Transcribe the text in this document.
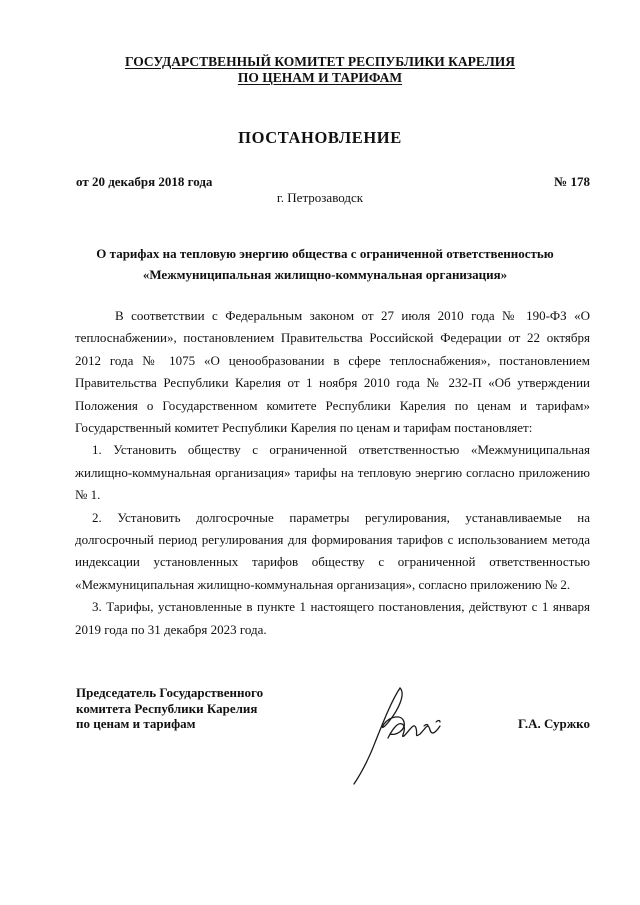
ГОСУДАРСТВЕННЫЙ КОМИТЕТ РЕСПУБЛИКИ КАРЕЛИЯ
ПО ЦЕНАМ И ТАРИФАМ
ПОСТАНОВЛЕНИЕ
от 20 декабря 2018 года	№ 178
г. Петрозаводск
О тарифах на тепловую энергию общества с ограниченной ответственностью
«Межмуниципальная жилищно-коммунальная организация»

В соответствии с Федеральным законом от 27 июля 2010 года № 190-ФЗ «О теплоснабжении», постановлением Правительства Российской Федерации от 22 октября 2012 года № 1075 «О ценообразовании в сфере теплоснабжения», постановлением Правительства Республики Карелия от 1 ноября 2010 года № 232-П «Об утверждении Положения о Государственном комитете Республики Карелия по ценам и тарифам» Государственный комитет Республики Карелия по ценам и тарифам постановляет:

1. Установить обществу с ограниченной ответственностью «Межмуниципальная жилищно-коммунальная организация» тарифы на тепловую энергию согласно приложению № 1.

2. Установить долгосрочные параметры регулирования, устанавливаемые на долгосрочный период регулирования для формирования тарифов с использованием метода индексации установленных тарифов обществу с ограниченной ответственностью «Межмуниципальная жилищно-коммунальная организация», согласно приложению № 2.

3. Тарифы, установленные в пункте 1 настоящего постановления, действуют с 1 января 2019 года по 31 декабря 2023 года.

Председатель Государственного
комитета Республики Карелия
по ценам и тарифам	Г.А. Суржко
